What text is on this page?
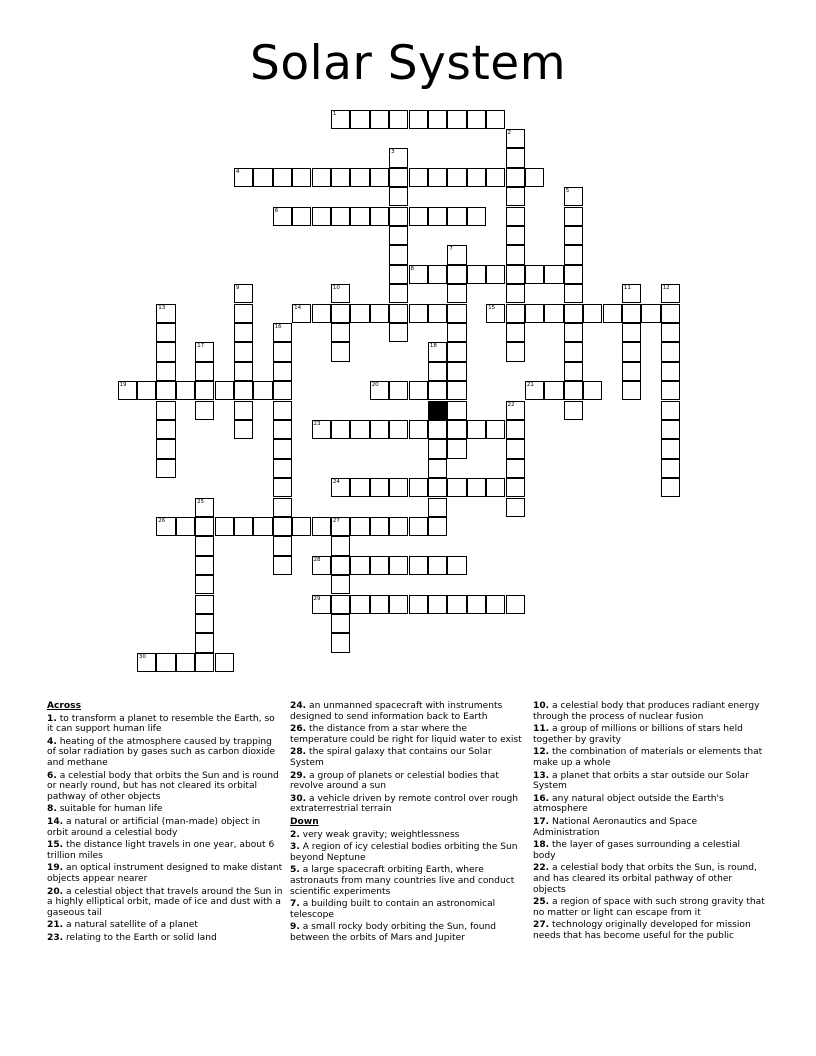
Solar System
1
2
3
4
5
6
7
8
9	10	11	12
13	14	15
16
17	18
19	20	21
22
23
24
25
26	27
28
29
30
Across
1. to transform a planet to resemble the Earth, so it can support human life
4. heating of the atmosphere caused by trapping of solar radiation by gases such as carbon dioxide and methane
6. a celestial body that orbits the Sun and is round or nearly round, but has not cleared its orbital pathway of other objects
8. suitable for human life
14. a natural or artificial (man-made) object in orbit around a celestial body
15. the distance light travels in one year, about 6 trillion miles
19. an optical instrument designed to make distant objects appear nearer
20. a celestial object that travels around the Sun in a highly elliptical orbit, made of ice and dust with a gaseous tail
21. a natural satellite of a planet
23. relating to the Earth or solid land
24. an unmanned spacecraft with instruments designed to send information back to Earth
26. the distance from a star where the temperature could be right for liquid water to exist
28. the spiral galaxy that contains our Solar System
29. a group of planets or celestial bodies that revolve around a sun
30. a vehicle driven by remote control over rough extraterrestrial terrain
Down
2. very weak gravity; weightlessness
3. A region of icy celestial bodies orbiting the Sun beyond Neptune
5. a large spacecraft orbiting Earth, where astronauts from many countries live and conduct scientific experiments
7. a building built to contain an astronomical telescope
9. a small rocky body orbiting the Sun, found between the orbits of Mars and Jupiter
10. a celestial body that produces radiant energy through the process of nuclear fusion
11. a group of millions or billions of stars held together by gravity
12. the combination of materials or elements that make up a whole
13. a planet that orbits a star outside our Solar System
16. any natural object outside the Earth's atmosphere
17. National Aeronautics and Space Administration
18. the layer of gases surrounding a celestial body
22. a celestial body that orbits the Sun, is round, and has cleared its orbital pathway of other objects
25. a region of space with such strong gravity that no matter or light can escape from it
27. technology originally developed for mission needs that has become useful for the public
